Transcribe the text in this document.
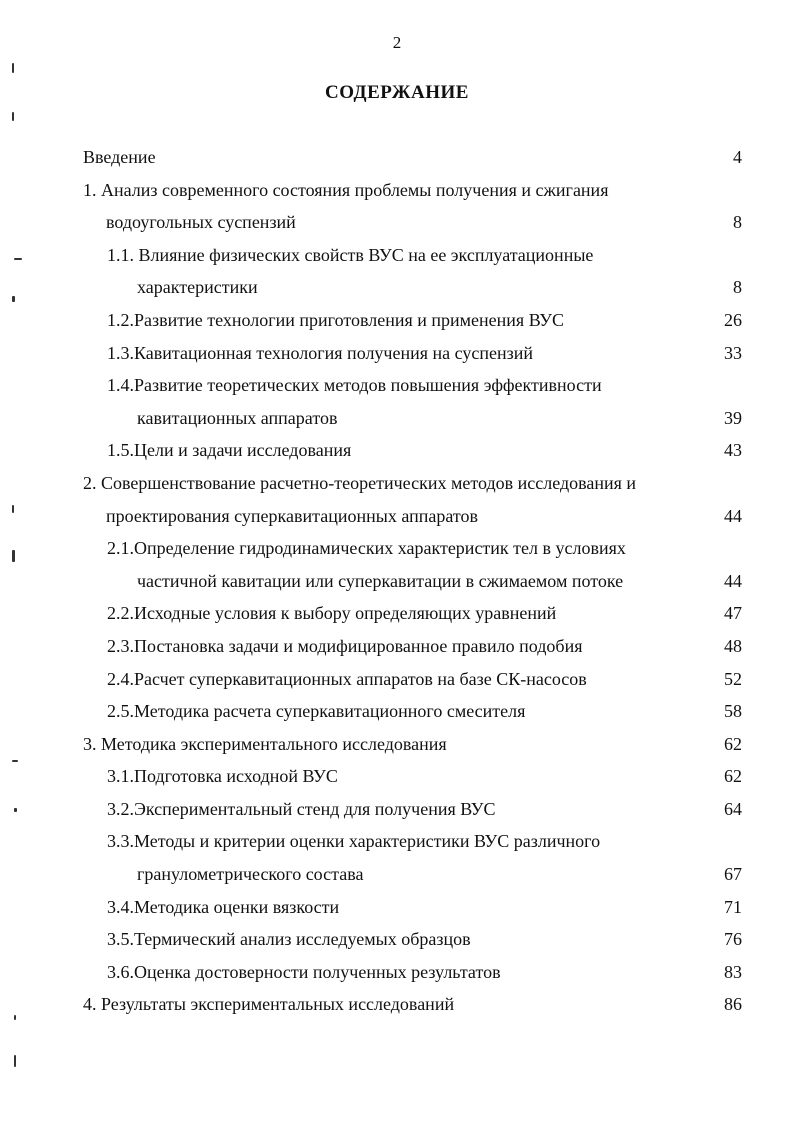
2
СОДЕРЖАНИЕ
Введение	4
1. Анализ современного состояния проблемы получения и сжигания
водоугольных суспензий	8
1.1. Влияние физических свойств ВУС на ее эксплуатационные
характеристики	8
1.2.Развитие технологии приготовления и применения ВУС	26
1.3.Кавитационная технология получения на суспензий	33
1.4.Развитие теоретических методов повышения эффективности
кавитационных аппаратов	39
1.5.Цели и задачи исследования	43
2. Совершенствование расчетно-теоретических методов исследования и
проектирования суперкавитационных аппаратов	44
2.1.Определение гидродинамических характеристик тел в условиях
частичной кавитации или суперкавитации в сжимаемом потоке	44
2.2.Исходные условия к выбору определяющих уравнений	47
2.3.Постановка задачи и модифицированное правило подобия	48
2.4.Расчет суперкавитационных аппаратов на базе СК-насосов	52
2.5.Методика расчета суперкавитационного смесителя	58
3. Методика экспериментального исследования	62
3.1.Подготовка исходной ВУС	62
3.2.Экспериментальный стенд для получения ВУС	64
3.3.Методы и критерии оценки характеристики ВУС различного
гранулометрического состава	67
3.4.Методика оценки вязкости	71
3.5.Термический анализ исследуемых образцов	76
3.6.Оценка достоверности полученных результатов	83
4. Результаты экспериментальных исследований	86
